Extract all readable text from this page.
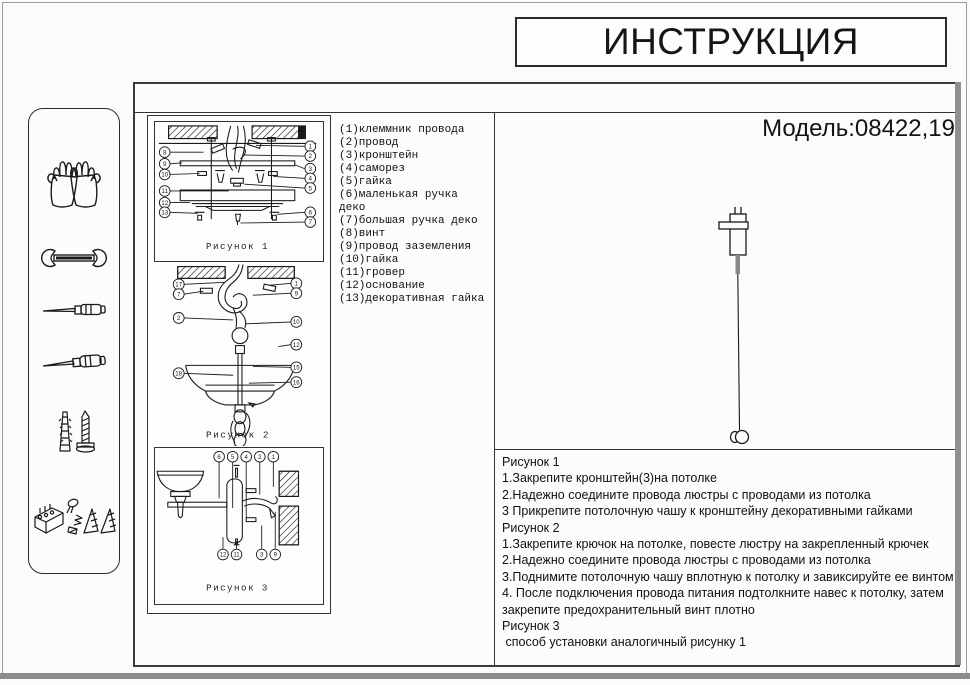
ИНСТРУКЦИЯ
Модель:08422,19
8
9
10
11
12
13
1
2
3
4
5
6
7
Рисунок 1
17
7
2
18
1
9
10
12
15
16
Рисунок 2
6 5 4 2 1
12 11	3 9
Рисунок 3
(1)клеммник провода
(2)провод
(3)кронштейн
(4)саморез
(5)гайка
(6)маленькая ручка деко
(7)большая ручка деко
(8)винт
(9)провод заземления
(10)гайка
(11)гровер
(12)основание
(13)декоративная гайка
Рисунок 1
1.Закрепите кронштейн(3)на потолке
2.Надежно соедините провода люстры с проводами из потолка
3 Прикрепите потолочную чашу к кронштейну декоративными гайками
Рисунок 2
1.Закрепите крючок на потолке, повесте люстру на закрепленный крючек
2.Надежно соедините провода люстры с проводами из потолка
3.Поднимите потолочную чашу вплотную к потолку и завиксируйте ее винтом
4. После подключения провода питания подтолкните навес к потолку, затем закрепите предохранительный винт плотно
Рисунок 3
способ установки аналогичный рисунку 1
